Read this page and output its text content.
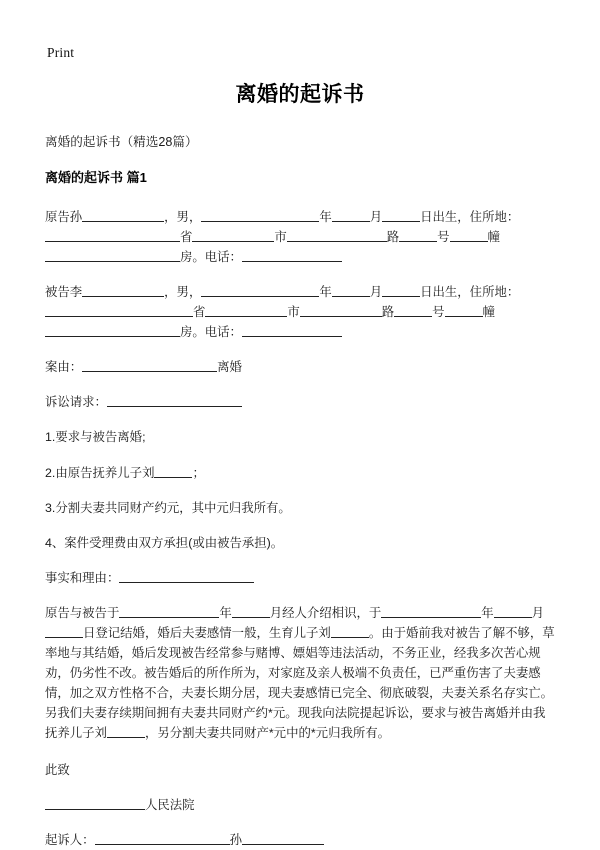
Print
离婚的起诉书

离婚的起诉书（精选28篇）

离婚的起诉书 篇1

原告孙	，男，	年	月	日出生，住所地：省	市	路	号	幢房。电话：

被告李	，男，	年	月	日出生，住所地：省	市	路	号	幢房。电话：

案由：	离婚

诉讼请求：

1.要求与被告离婚;

2.由原告抚养儿子刘	；

3.分割夫妻共同财产约元，其中元归我所有。

4、案件受理费由双方承担(或由被告承担)。

事实和理由：

原告与被告于	年	月经人介绍相识，于	年	月日登记结婚，婚后夫妻感情一般，生育儿子刘	。由于婚前我对被告了解不够，草率地与其结婚，婚后发现被告经常参与赌博、嫖娼等违法活动，不务正业，经我多次苦心规劝，仍劣性不改。被告婚后的所作所为，对家庭及亲人极端不负责任，已严重伤害了夫妻感情，加之双方性格不合，夫妻长期分居，现夫妻感情已完全、彻底破裂，夫妻关系名存实亡。另我们夫妻存续期间拥有夫妻共同财产约*元。现我向法院提起诉讼，要求与被告离婚并由我抚养儿子刘	，另分割夫妻共同财产*元中的*元归我所有。

此致

人民法院

起诉人：	孙
